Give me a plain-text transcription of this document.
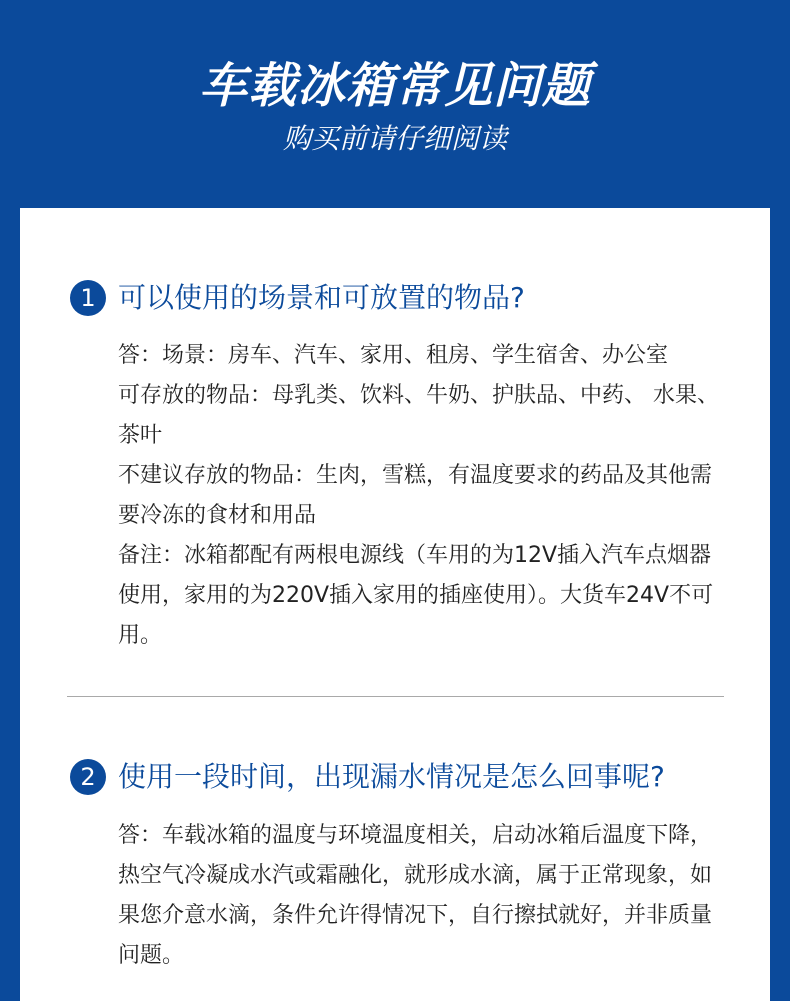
车载冰箱常见问题
购买前请仔细阅读
1 可以使用的场景和可放置的物品?

答：场景：房车、汽车、家用、租房、学生宿舍、办公室

可存放的物品：母乳类、饮料、牛奶、护肤品、中药、 水果、茶叶

不建议存放的物品：生肉，雪糕，有温度要求的药品及其他需要冷冻的食材和用品

备注：冰箱都配有两根电源线（车用的为12V插入汽车点烟器使用，家用的为220V插入家用的插座使用）。大货车24V不可用。

2 使用一段时间，出现漏水情况是怎么回事呢?

答：车载冰箱的温度与环境温度相关，启动冰箱后温度下降，热空气冷凝成水汽或霜融化，就形成水滴，属于正常现象，如果您介意水滴，条件允许得情况下，自行擦拭就好，并非质量问题。
